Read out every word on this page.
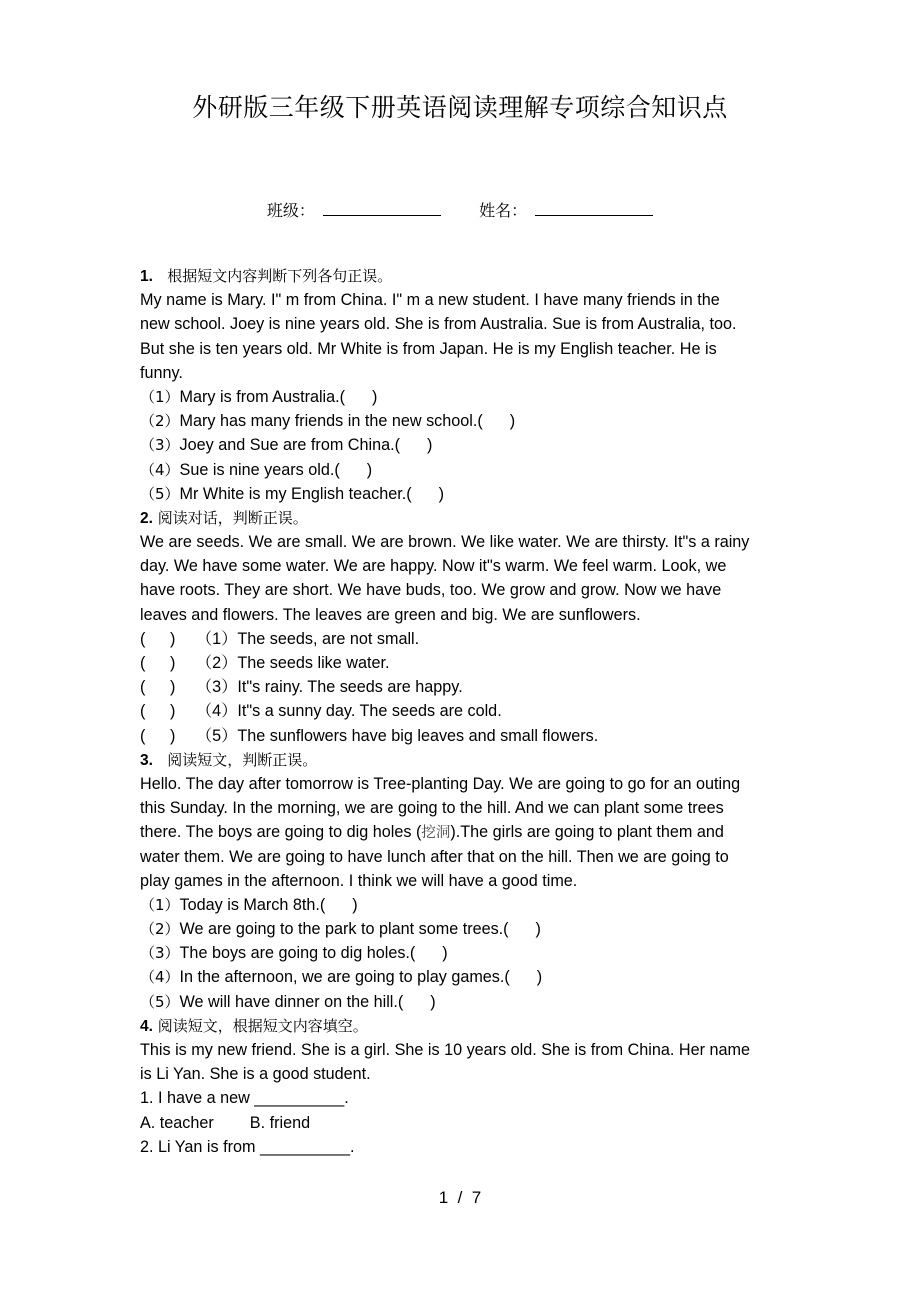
外研版三年级下册英语阅读理解专项综合知识点
班级：	姓名：
1. 根据短文内容判断下列各句正误。
My name is Mary. I" m from China. I" m a new student. I have many friends in the
new school. Joey is nine years old. She is from Australia. Sue is from Australia, too.
But she is ten years old. Mr White is from Japan. He is my English teacher. He is
funny.
（1）Mary is from Australia.(      )
（2）Mary has many friends in the new school.(      )
（3）Joey and Sue are from China.(      )
（4）Sue is nine years old.(      )
（5）Mr White is my English teacher.(      )
2. 阅读对话，判断正误。
We are seeds. We are small. We are brown. We like water. We are thirsty. It"s a rainy
day. We have some water. We are happy. Now it"s warm. We feel warm. Look, we
have roots. They are short. We have buds, too. We grow and grow. Now we have
leaves and flowers. The leaves are green and big. We are sunflowers.
( ) （1）The seeds, are not small.
( ) （2）The seeds like water.
( ) （3）It"s rainy. The seeds are happy.
( ) （4）It"s a sunny day. The seeds are cold.
( ) （5）The sunflowers have big leaves and small flowers.
3. 阅读短文，判断正误。
Hello. The day after tomorrow is Tree-planting Day. We are going to go for an outing
this Sunday. In the morning, we are going to the hill. And we can plant some trees
there. The boys are going to dig holes (挖洞).The girls are going to plant them and
water them. We are going to have lunch after that on the hill. Then we are going to
play games in the afternoon. I think we will have a good time.
（1）Today is March 8th.(      )
（2）We are going to the park to plant some trees.(      )
（3）The boys are going to dig holes.(      )
（4）In the afternoon, we are going to play games.(      )
（5）We will have dinner on the hill.(      )
4. 阅读短文，根据短文内容填空。
This is my new friend. She is a girl. She is 10 years old. She is from China. Her name
is Li Yan. She is a good student.
1. I have a new __________.
A. teacher B. friend
2. Li Yan is from __________.
1  /  7
